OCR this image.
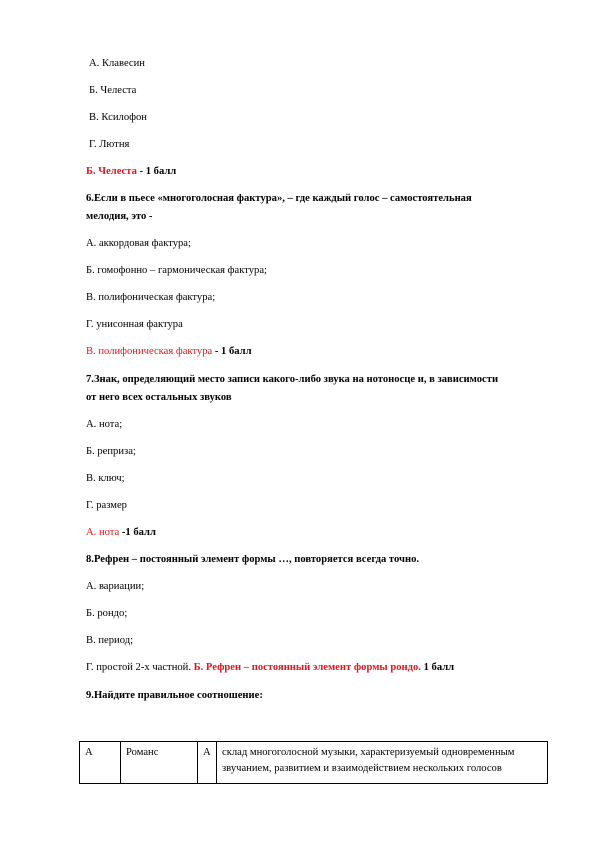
А. Клавесин
Б. Челеста
В. Ксилофон
Г. Лютня
Б. Челеста - 1 балл
6.Если в пьесе «многоголосная фактура», – где каждый голос – самостоятельная
мелодия, это -
А. аккордовая фактура;
Б. гомофонно – гармоническая фактура;
В. полифоническая фактура;
Г. унисонная фактура
В. полифоническая фактура - 1 балл
7.Знак, определяющий место записи какого-либо звука на нотоносце и, в зависимости
от него всех остальных звуков
А. нота;
Б. реприза;
В. ключ;
Г. размер
А. нота -1 балл
8.Рефрен – постоянный элемент формы …, повторяется всегда точно.
А. вариации;
Б. рондо;
В. период;
Г. простой 2-х частной. Б. Рефрен – постоянный элемент формы рондо. 1 балл
9.Найдите правильное соотношение:
А	Романс	А	склад многоголосной музыки, характеризуемый одновременным
звучанием, развитием и взаимодействием нескольких голосов
